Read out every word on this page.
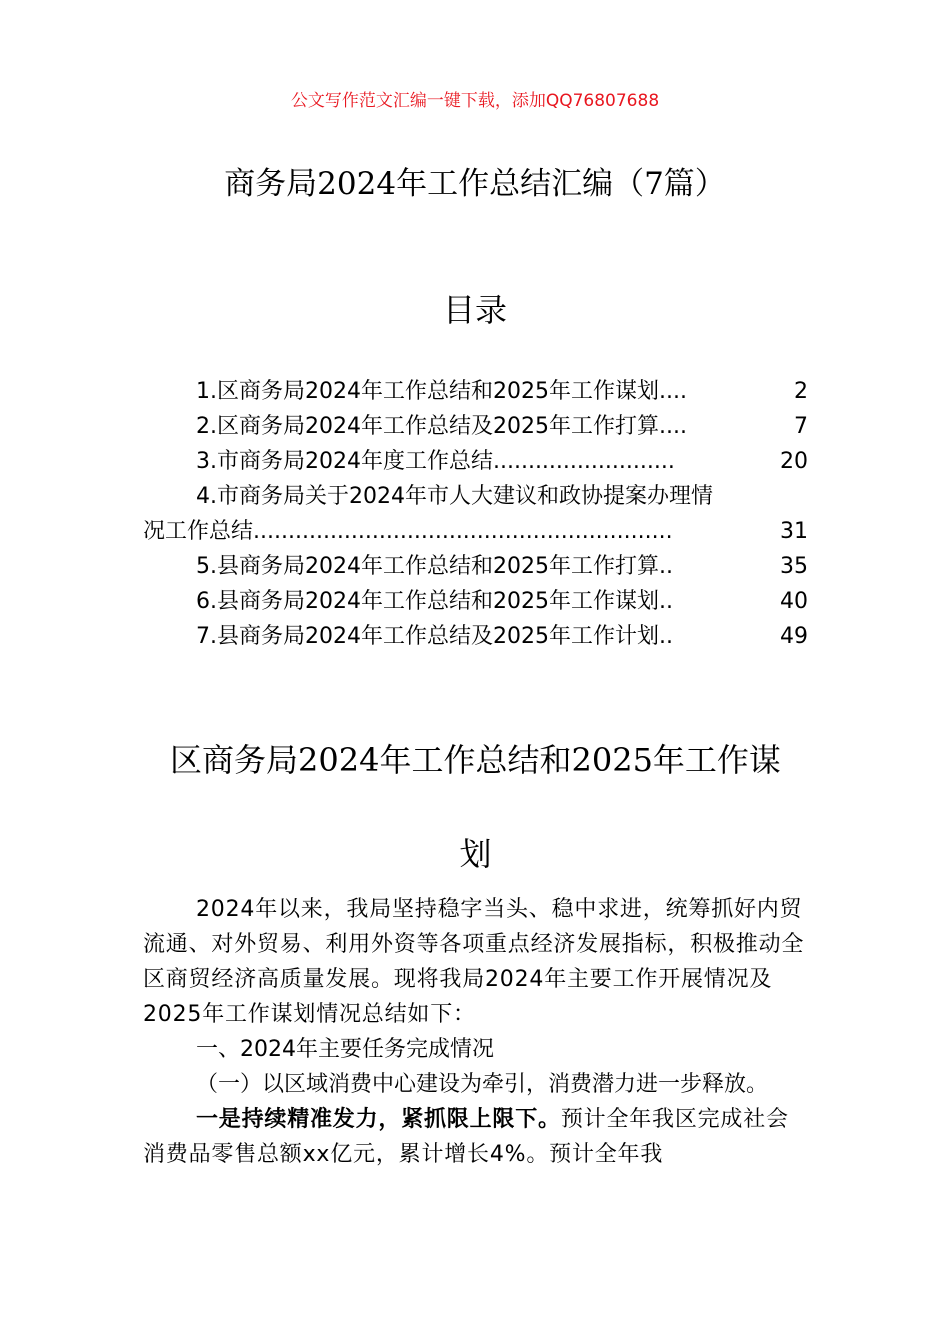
公文写作范文汇编一键下载，添加QQ76807688
商务局2024年工作总结汇编（7篇）
目录
1.区商务局2024年工作总结和2025年工作谋划....	2
2.区商务局2024年工作总结及2025年工作打算....	7
3.市商务局2024年度工作总结..........................	20
4.市商务局关于2024年市人大建议和政协提案办理情
况工作总结............................................................	31
5.县商务局2024年工作总结和2025年工作打算..	35
6.县商务局2024年工作总结和2025年工作谋划..	40
7.县商务局2024年工作总结及2025年工作计划..	49
区商务局2024年工作总结和2025年工作谋
划

2024年以来，我局坚持稳字当头、稳中求进，统筹抓好内贸流通、对外贸易、利用外资等各项重点经济发展指标，积极推动全区商贸经济高质量发展。现将我局2024年主要工作开展情况及2025年工作谋划情况总结如下：

一、2024年主要任务完成情况

（一）以区域消费中心建设为牵引，消费潜力进一步释放。

一是持续精准发力，紧抓限上限下。预计全年我区完成社会消费品零售总额xx亿元，累计增长4%。预计全年我
